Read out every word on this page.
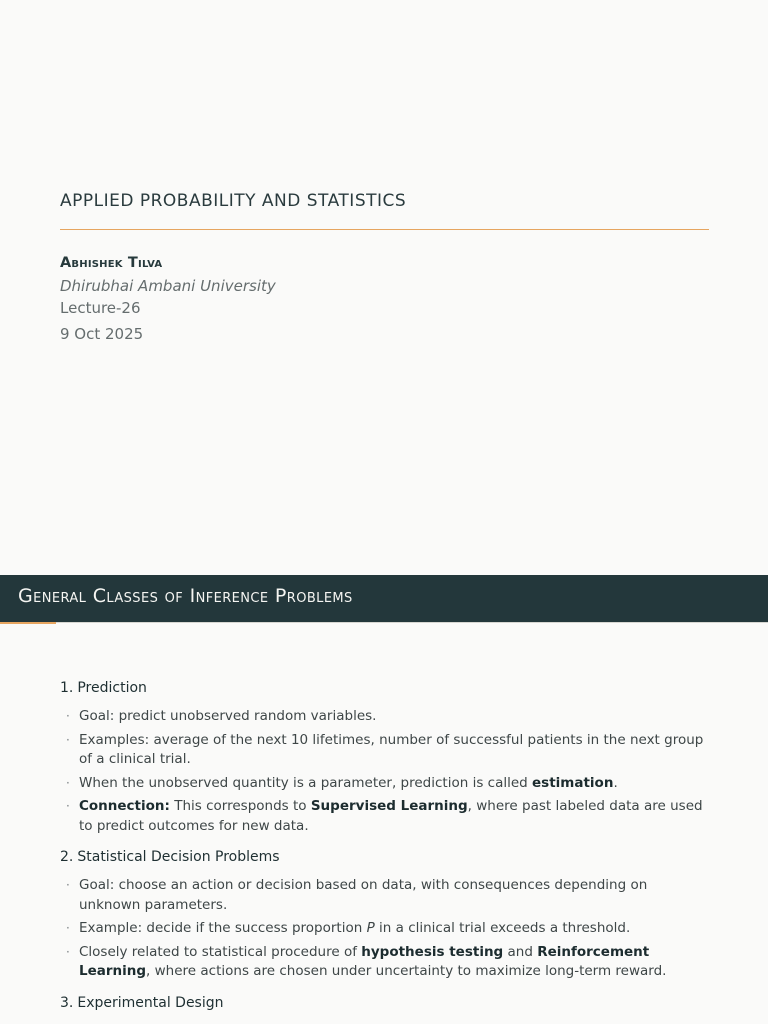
APPLIED PROBABILITY AND STATISTICS
Abhishek Tilva
Dhirubhai Ambani University
Lecture-26
9 Oct 2025
General Classes of Inference Problems
1. Prediction
· Goal: predict unobserved random variables.
· Examples: average of the next 10 lifetimes, number of successful patients in the next group of a clinical trial.
· When the unobserved quantity is a parameter, prediction is called estimation.
· Connection: This corresponds to Supervised Learning, where past labeled data are used to predict outcomes for new data.
2. Statistical Decision Problems
· Goal: choose an action or decision based on data, with consequences depending on unknown parameters.
· Example: decide if the success proportion P in a clinical trial exceeds a threshold.
· Closely related to statistical procedure of hypothesis testing and Reinforcement Learning, where actions are chosen under uncertainty to maximize long-term reward.
3. Experimental Design
